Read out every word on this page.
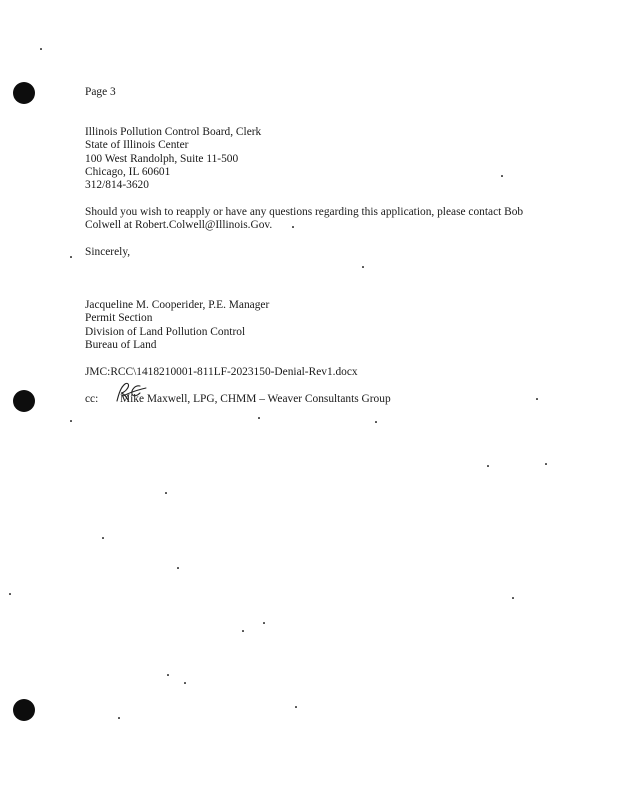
Page 3
Illinois Pollution Control Board, Clerk
State of Illinois Center
100 West Randolph, Suite 11-500
Chicago, IL 60601
312/814-3620
Should you wish to reapply or have any questions regarding this application, please contact Bob
Colwell at Robert.Colwell@Illinois.Gov.
Sincerely,
Jacqueline M. Cooperider, P.E. Manager
Permit Section
Division of Land Pollution Control
Bureau of Land
JMC:RCC\1418210001-811LF-2023150-Denial-Rev1.docx
cc: Mike Maxwell, LPG, CHMM – Weaver Consultants Group
